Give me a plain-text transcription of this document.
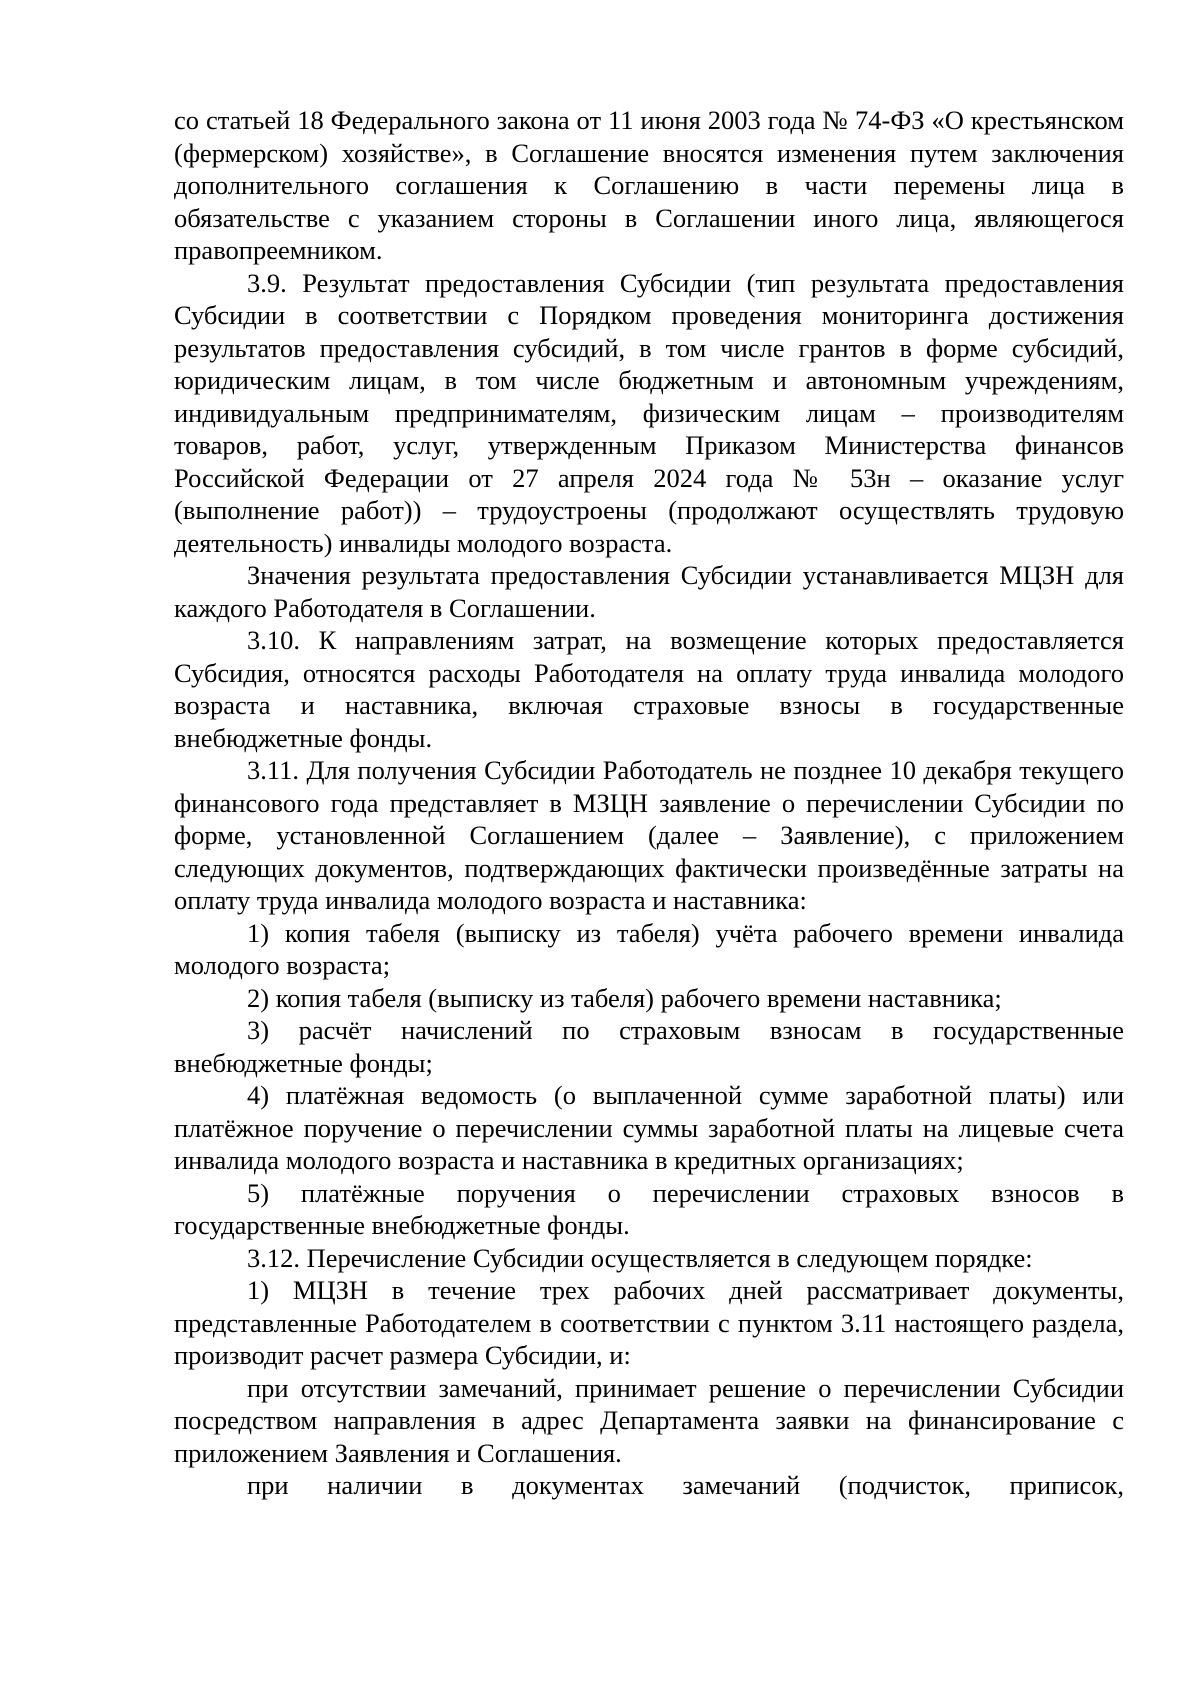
со статьей 18 Федерального закона от 11 июня 2003 года № 74-ФЗ «О крестьянском (фермерском) хозяйстве», в Соглашение вносятся изменения путем заключения дополнительного соглашения к Соглашению в части перемены лица в обязательстве с указанием стороны в Соглашении иного лица, являющегося правопреемником.

3.9. Результат предоставления Субсидии (тип результата предоставления Субсидии в соответствии с Порядком проведения мониторинга достижения результатов предоставления субсидий, в том числе грантов в форме субсидий, юридическим лицам, в том числе бюджетным и автономным учреждениям, индивидуальным предпринимателям, физическим лицам – производителям товаров, работ, услуг, утвержденным Приказом Министерства финансов Российской Федерации от 27 апреля 2024 года № 53н – оказание услуг (выполнение работ)) – трудоустроены (продолжают осуществлять трудовую деятельность) инвалиды молодого возраста.

Значения результата предоставления Субсидии устанавливается МЦЗН для каждого Работодателя в Соглашении.

3.10. К направлениям затрат, на возмещение которых предоставляется Субсидия, относятся расходы Работодателя на оплату труда инвалида молодого возраста и наставника, включая страховые взносы в государственные внебюджетные фонды.

3.11. Для получения Субсидии Работодатель не позднее 10 декабря текущего финансового года представляет в МЗЦН заявление о перечислении Субсидии по форме, установленной Соглашением (далее – Заявление), с приложением следующих документов, подтверждающих фактически произведённые затраты на оплату труда инвалида молодого возраста и наставника:

1) копия табеля (выписку из табеля) учёта рабочего времени инвалида молодого возраста;

2) копия табеля (выписку из табеля) рабочего времени наставника;

3) расчёт начислений по страховым взносам в государственные внебюджетные фонды;

4) платёжная ведомость (о выплаченной сумме заработной платы) или платёжное поручение о перечислении суммы заработной платы на лицевые счета инвалида молодого возраста и наставника в кредитных организациях;

5) платёжные поручения о перечислении страховых взносов в государственные внебюджетные фонды.

3.12. Перечисление Субсидии осуществляется в следующем порядке:

1) МЦЗН в течение трех рабочих дней рассматривает документы, представленные Работодателем в соответствии с пунктом 3.11 настоящего раздела, производит расчет размера Субсидии, и:

при отсутствии замечаний, принимает решение о перечислении Субсидии посредством направления в адрес Департамента заявки на финансирование с приложением Заявления и Соглашения.

при наличии в документах замечаний (подчисток, приписок,
